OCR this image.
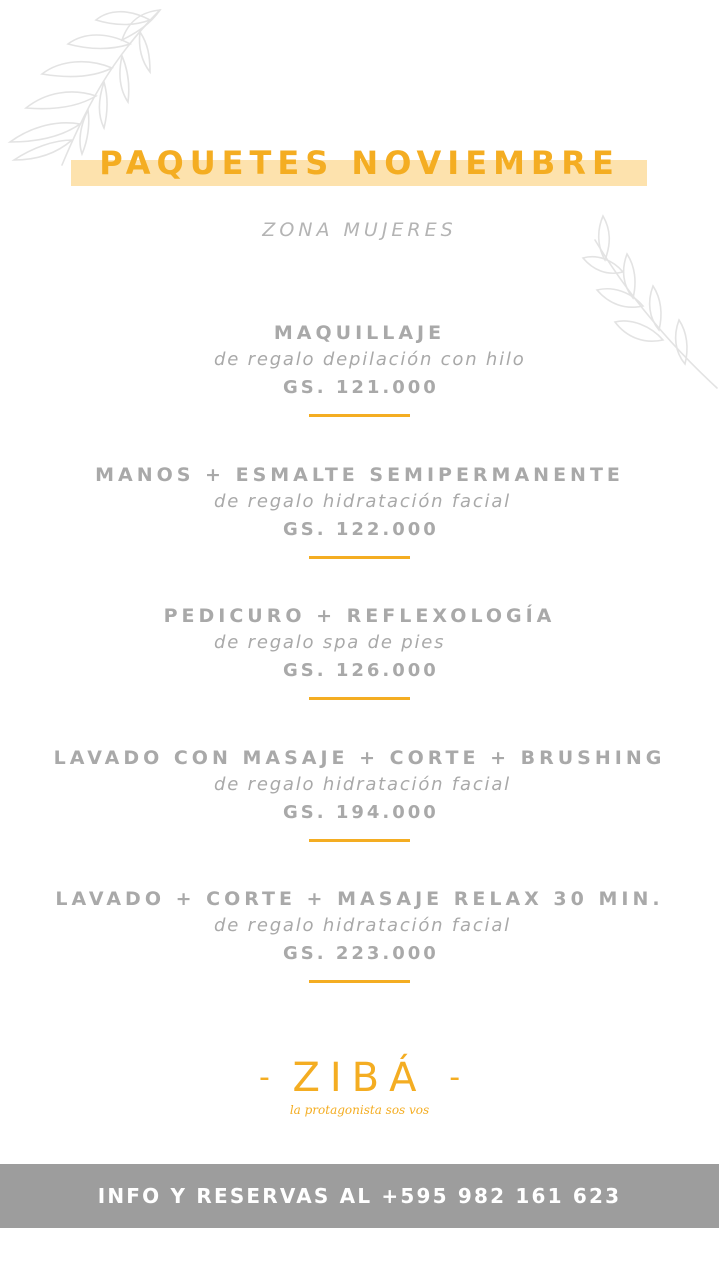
PAQUETES NOVIEMBRE
ZONA MUJERES
MAQUILLAJE
de regalo depilación con hilo
GS. 121.000
MANOS + ESMALTE SEMIPERMANENTE
de regalo hidratación facial
GS. 122.000
PEDICURO + REFLEXOLOGÍA
de regalo spa de pies
GS. 126.000
LAVADO CON MASAJE + CORTE + BRUSHING
de regalo hidratación facial
GS. 194.000
LAVADO + CORTE + MASAJE RELAX 30 MIN.
de regalo hidratación facial
GS. 223.000
- ZIBÁ -
la protagonista sos vos
INFO Y RESERVAS AL +595 982 161 623
